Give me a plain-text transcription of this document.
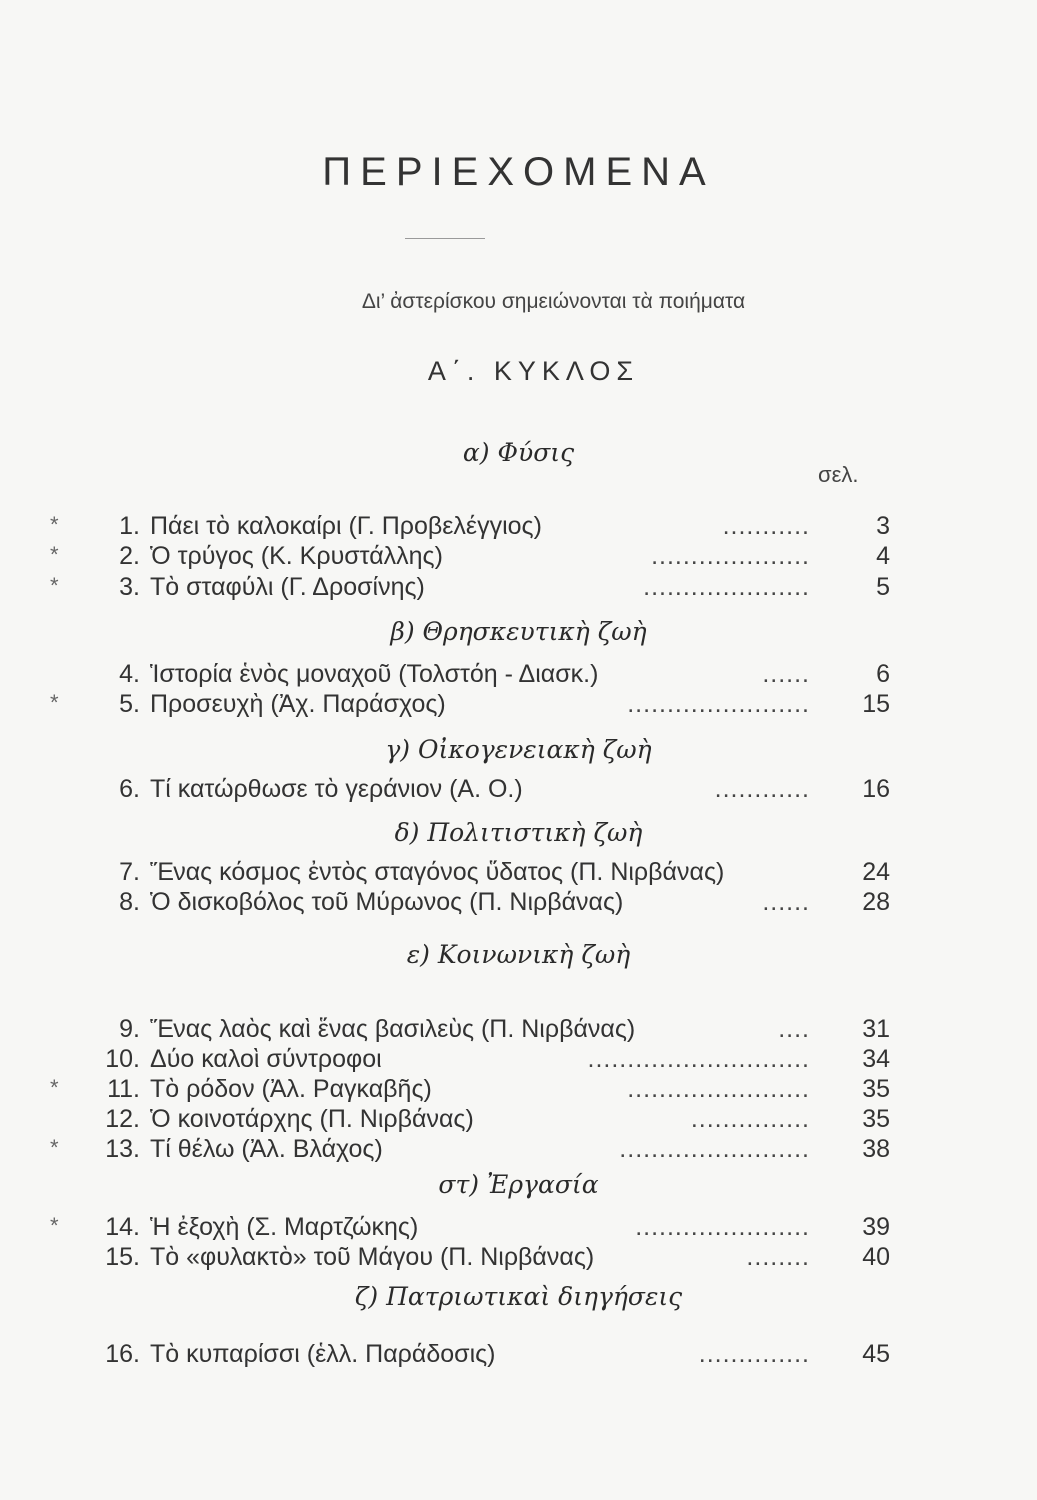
ΠΕΡΙΕΧΟΜΕΝΑ
Δι’ ἀστερίσκου σημειώνονται τὰ ποιήματα
Α΄. ΚΥΚΛΟΣ
α) Φύσις
σελ.
*	1. Πάει τὸ καλοκαίρι (Γ. Προβελέγγιος)	...........	3
*	2. Ὁ τρύγος (Κ. Κρυστάλλης)	....................	4
*	3. Τὸ σταφύλι (Γ. Δροσίνης)	.....................	5
β) Θρησκευτικὴ ζωὴ
4. Ἱστορία ἑνὸς μοναχοῦ (Τολστόη - Διασκ.)	......	6
*	5. Προσευχὴ (Ἀχ. Παράσχος)	.......................	15
γ) Οἰκογενειακὴ ζωὴ
6. Τί κατώρθωσε τὸ γεράνιον (Α. Ο.)	............	16
δ) Πολιτιστικὴ ζωὴ
7. Ἕνας κόσμος ἐντὸς σταγόνος ὕδατος (Π. Νιρβάνας)	24
8. Ὁ δισκοβόλος τοῦ Μύρωνος (Π. Νιρβάνας)	......	28
ε) Κοινωνικὴ ζωὴ
9. Ἕνας λαὸς καὶ ἕνας βασιλεὺς (Π. Νιρβάνας)	....	31
10. Δύο καλοὶ σύντροφοι	............................	34
*	11. Τὸ ρόδον (Ἀλ. Ραγκαβῆς)	.......................	35
12. Ὁ κοινοτάρχης (Π. Νιρβάνας)	...............	35
*	13. Τί θέλω (Ἀλ. Βλάχος)	........................	38
στ) Ἐργασία
*	14. Ἡ ἐξοχὴ (Σ. Μαρτζώκης)	......................	39
15. Τὸ «φυλακτὸ» τοῦ Μάγου (Π. Νιρβάνας)	........	40
ζ) Πατριωτικαὶ διηγήσεις
16. Τὸ κυπαρίσσι (ἑλλ. Παράδοσις)	..............	45
